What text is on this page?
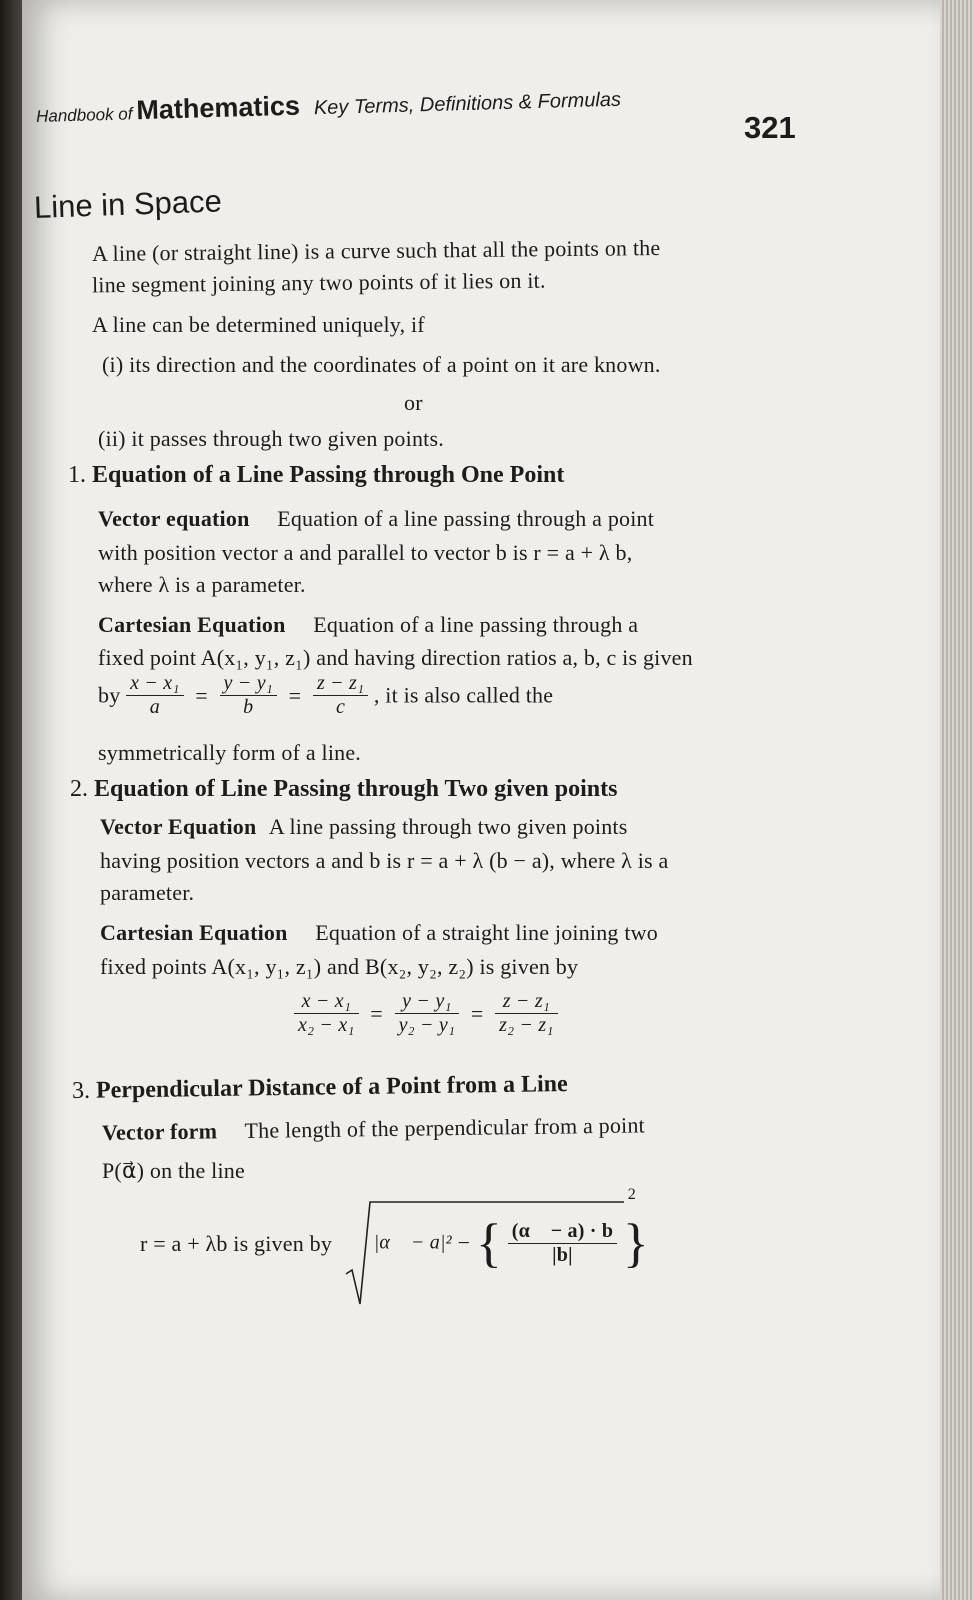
Handbook of Mathematics Key Terms, Definitions & Formulas
321
Line in Space
A line (or straight line) is a curve such that all the points on the
line segment joining any two points of it lies on it.
A line can be determined uniquely, if
(i) its direction and the coordinates of a point on it are known.
or
(ii) it passes through two given points.
1. Equation of a Line Passing through One Point
Vector equation Equation of a line passing through a point
with position vector a and parallel to vector b is r = a + λ b,
where λ is a parameter.
Cartesian Equation Equation of a line passing through a
fixed point A(x₁, y₁, z₁) and having direction ratios a, b, c is given
by $\frac{\text{x − x₁}}{a} = \frac{\text{y − y₁}}{b} = \frac{\text{z − z₁}}{c}$ , it is also called the
symmetrically form of a line.
2. Equation of Line Passing through Two given points
Vector Equation A line passing through two given points
having position vectors a and b is r = a + λ (b − a), where λ is a
parameter.
Cartesian Equation Equation of a straight line joining two
fixed points A(x₁, y₁, z₁) and B(x₂, y₂, z₂) is given by
$\frac{\text{x − x₁}}{\text{x₂ − x₁}} = \frac{\text{y − y₁}}{\text{y₂ − y₁}} = \frac{\text{z − z₁}}{\text{z₂ − z₁}}$
3. Perpendicular Distance of a Point from a Line
Vector form The length of the perpendicular from a point
P(α⃗) on the line
r = a + λb is given by |α⃗ − a|² − { $\frac{(\alpha⃗ - a) \cdot b}{|b|}$ }
2
